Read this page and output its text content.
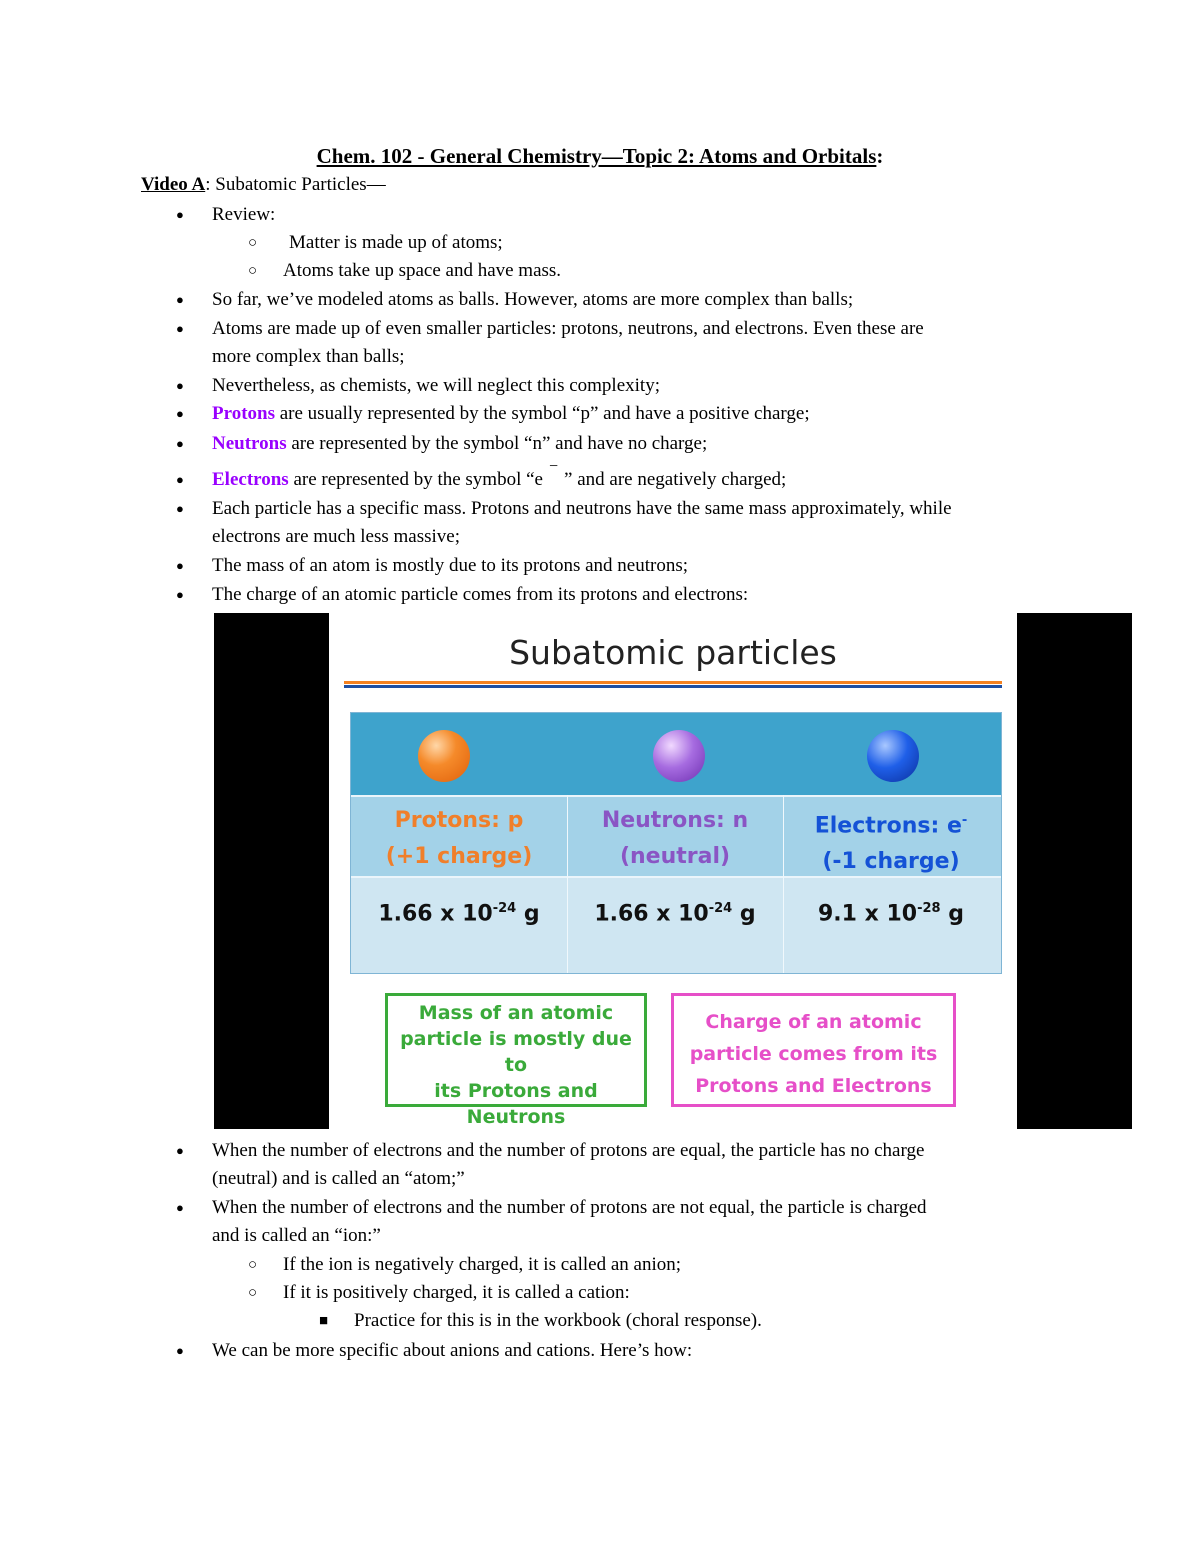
Chem. 102 - General Chemistry—Topic 2: Atoms and Orbitals:
Video A: Subatomic Particles—
● Review:
○ Matter is made up of atoms;
○ Atoms take up space and have mass.
● So far, we’ve modeled atoms as balls. However, atoms are more complex than balls;
● Atoms are made up of even smaller particles: protons, neutrons, and electrons. Even these are
more complex than balls;
● Nevertheless, as chemists, we will neglect this complexity;
● Protons are usually represented by the symbol “p” and have a positive charge;
● Neutrons are represented by the symbol “n” and have no charge;
● Electrons are represented by the symbol “e−” and are negatively charged;
● Each particle has a specific mass. Protons and neutrons have the same mass approximately, while
electrons are much less massive;
● The mass of an atom is mostly due to its protons and neutrons;
● The charge of an atomic particle comes from its protons and electrons:
Subatomic particles
Protons: p
(+1 charge)
Neutrons: n
(neutral)
Electrons: e-
(-1 charge)
1.66 x $10^{-24}$ g	1.66 x $10^{-24}$ g	9.1 x $10^{-28}$ g
Mass of an atomic
particle is mostly due to
its Protons and
Neutrons
Charge of an atomic
particle comes from its
Protons and Electrons
● When the number of electrons and the number of protons are equal, the particle has no charge
(neutral) and is called an “atom;”
● When the number of electrons and the number of protons are not equal, the particle is charged
and is called an “ion:”
○ If the ion is negatively charged, it is called an anion;
○ If it is positively charged, it is called a cation:
■ Practice for this is in the workbook (choral response).
● We can be more specific about anions and cations. Here’s how:
